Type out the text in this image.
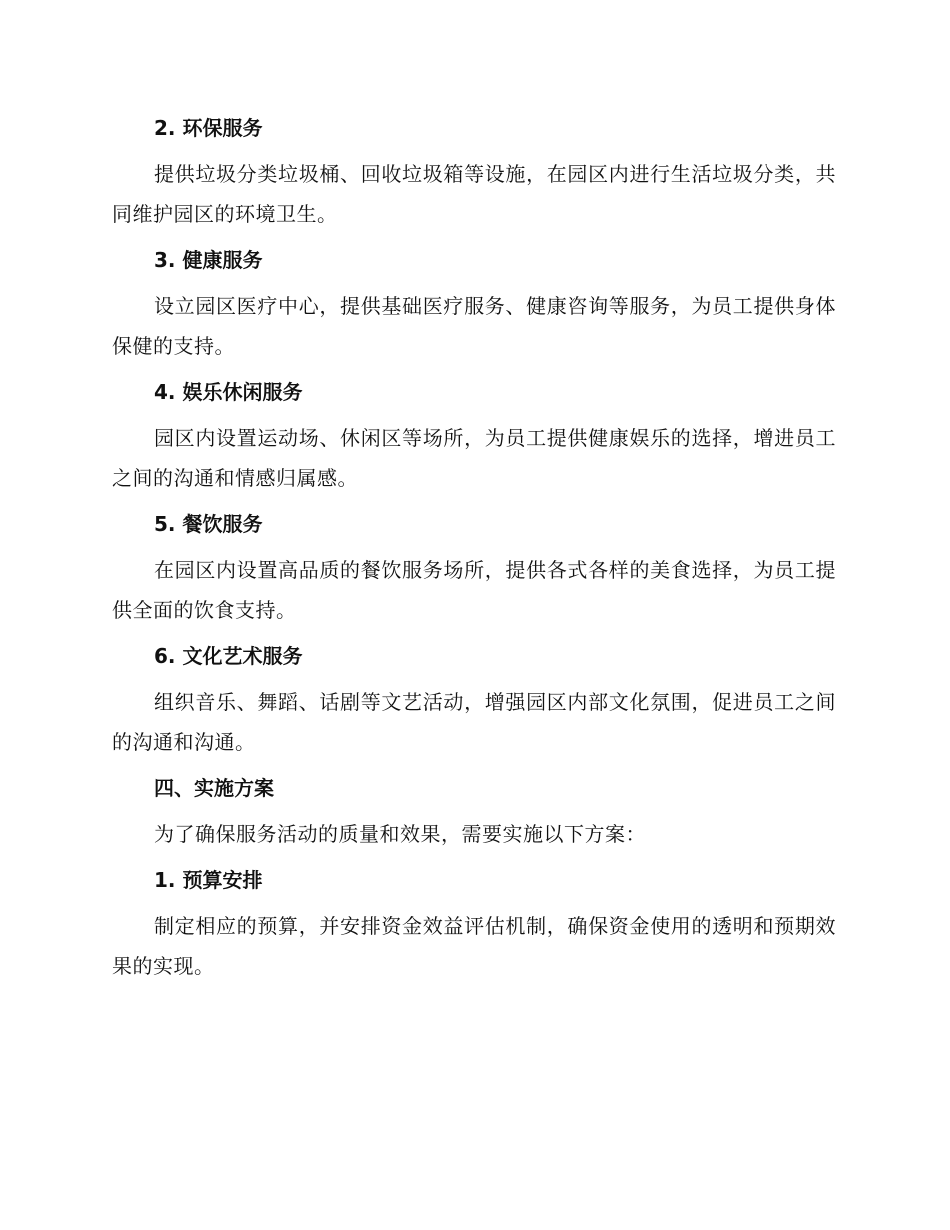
2. 环保服务
提供垃圾分类垃圾桶、回收垃圾箱等设施，在园区内进行生活垃圾分类，共同维护园区的环境卫生。
3. 健康服务
设立园区医疗中心，提供基础医疗服务、健康咨询等服务，为员工提供身体保健的支持。
4. 娱乐休闲服务
园区内设置运动场、休闲区等场所，为员工提供健康娱乐的选择，增进员工之间的沟通和情感归属感。
5. 餐饮服务
在园区内设置高品质的餐饮服务场所，提供各式各样的美食选择，为员工提供全面的饮食支持。
6. 文化艺术服务
组织音乐、舞蹈、话剧等文艺活动，增强园区内部文化氛围，促进员工之间的沟通和沟通。
四、实施方案
为了确保服务活动的质量和效果，需要实施以下方案：
1. 预算安排
制定相应的预算，并安排资金效益评估机制，确保资金使用的透明和预期效果的实现。
